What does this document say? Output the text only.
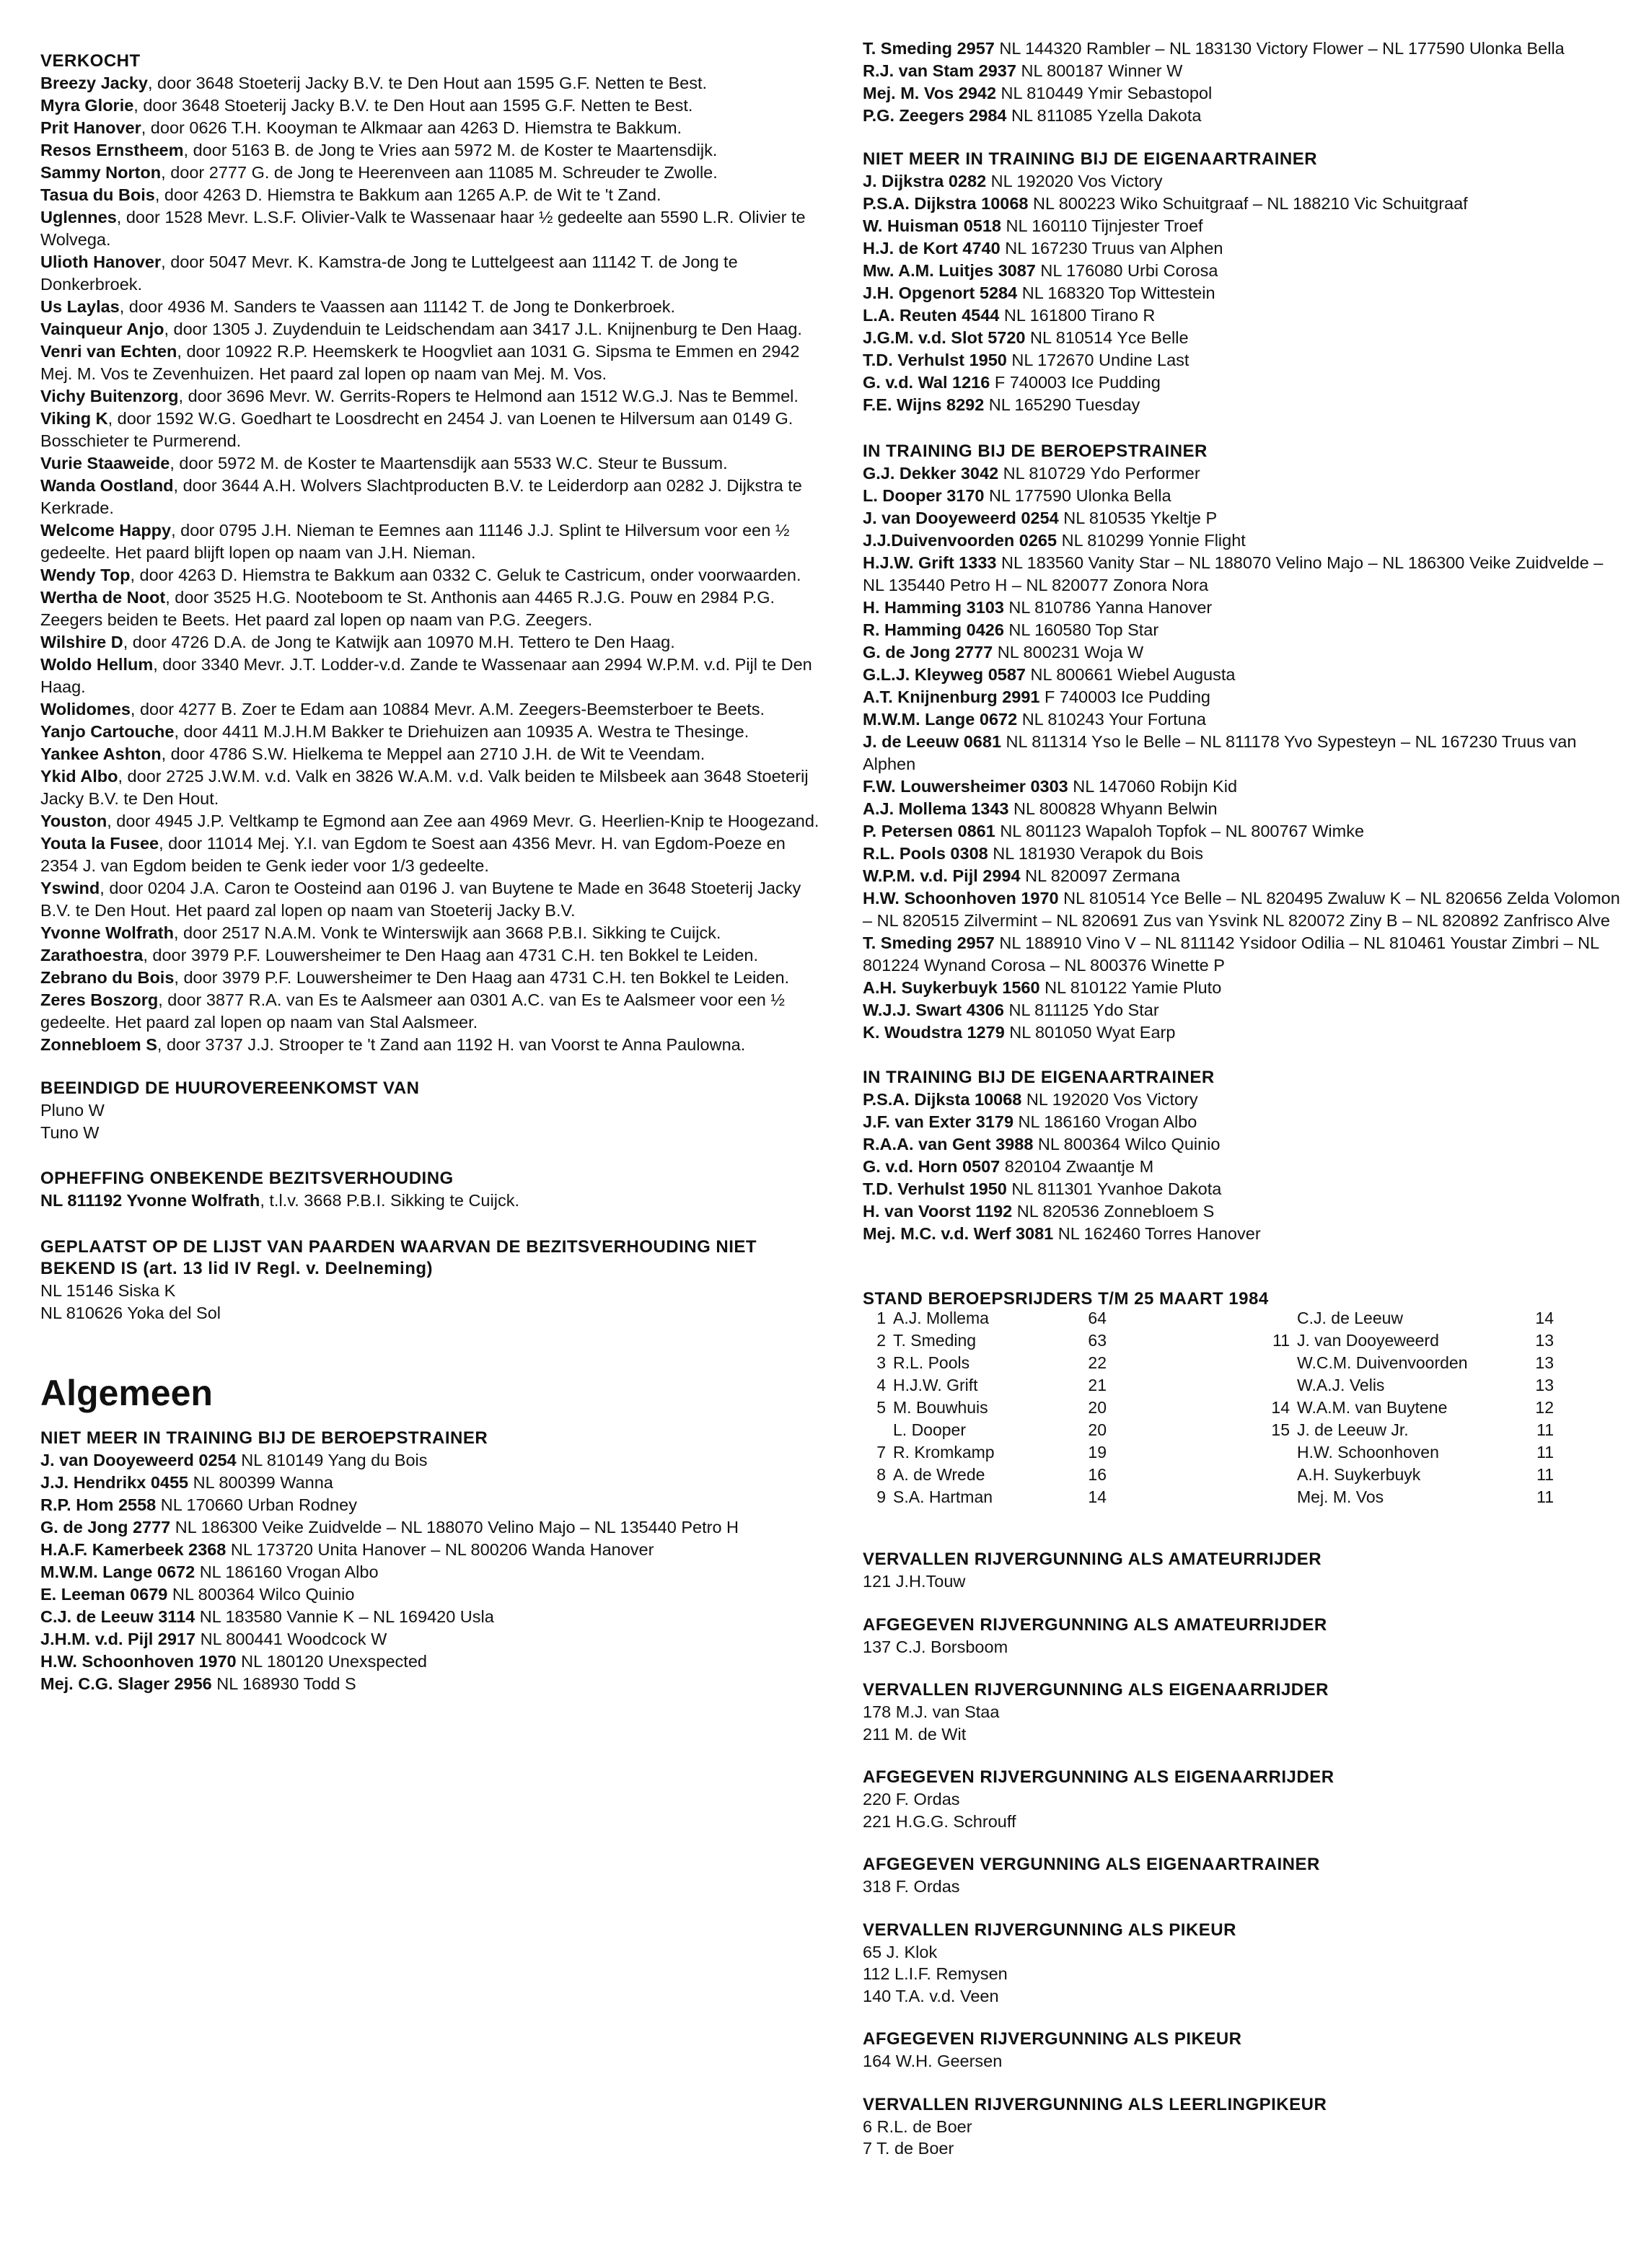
VERKOCHT

Breezy Jacky, door 3648 Stoeterij Jacky B.V. te Den Hout aan 1595 G.F. Netten te Best.

Myra Glorie, door 3648 Stoeterij Jacky B.V. te Den Hout aan 1595 G.F. Netten te Best.

Prit Hanover, door 0626 T.H. Kooyman te Alkmaar aan 4263 D. Hiemstra te Bakkum.

Resos Ernstheem, door 5163 B. de Jong te Vries aan 5972 M. de Koster te Maartensdijk.

Sammy Norton, door 2777 G. de Jong te Heerenveen aan 11085 M. Schreuder te Zwolle.

Tasua du Bois, door 4263 D. Hiemstra te Bakkum aan 1265 A.P. de Wit te 't Zand.

Uglennes, door 1528 Mevr. L.S.F. Olivier-Valk te Wassenaar haar ½ gedeelte aan 5590 L.R. Olivier te Wolvega.

Ulioth Hanover, door 5047 Mevr. K. Kamstra-de Jong te Luttelgeest aan 11142 T. de Jong te Donkerbroek.

Us Laylas, door 4936 M. Sanders te Vaassen aan 11142 T. de Jong te Donkerbroek.

Vainqueur Anjo, door 1305 J. Zuydenduin te Leidschendam aan 3417 J.L. Knijnenburg te Den Haag.

Venri van Echten, door 10922 R.P. Heemskerk te Hoogvliet aan 1031 G. Sipsma te Emmen en 2942 Mej. M. Vos te Zevenhuizen. Het paard zal lopen op naam van Mej. M. Vos.

Vichy Buitenzorg, door 3696 Mevr. W. Gerrits-Ropers te Helmond aan 1512 W.G.J. Nas te Bemmel.

Viking K, door 1592 W.G. Goedhart te Loosdrecht en 2454 J. van Loenen te Hilversum aan 0149 G. Bosschieter te Purmerend.

Vurie Staaweide, door 5972 M. de Koster te Maartensdijk aan 5533 W.C. Steur te Bussum.

Wanda Oostland, door 3644 A.H. Wolvers Slachtproducten B.V. te Leiderdorp aan 0282 J. Dijkstra te Kerkrade.

Welcome Happy, door 0795 J.H. Nieman te Eemnes aan 11146 J.J. Splint te Hilversum voor een ½ gedeelte. Het paard blijft lopen op naam van J.H. Nieman.

Wendy Top, door 4263 D. Hiemstra te Bakkum aan 0332 C. Geluk te Castricum, onder voorwaarden.

Wertha de Noot, door 3525 H.G. Nooteboom te St. Anthonis aan 4465 R.J.G. Pouw en 2984 P.G. Zeegers beiden te Beets. Het paard zal lopen op naam van P.G. Zeegers.

Wilshire D, door 4726 D.A. de Jong te Katwijk aan 10970 M.H. Tettero te Den Haag.

Woldo Hellum, door 3340 Mevr. J.T. Lodder-v.d. Zande te Wassenaar aan 2994 W.P.M. v.d. Pijl te Den Haag.

Wolidomes, door 4277 B. Zoer te Edam aan 10884 Mevr. A.M. Zeegers-Beemsterboer te Beets.

Yanjo Cartouche, door 4411 M.J.H.M Bakker te Driehuizen aan 10935 A. Westra te Thesinge.

Yankee Ashton, door 4786 S.W. Hielkema te Meppel aan 2710 J.H. de Wit te Veendam.

Ykid Albo, door 2725 J.W.M. v.d. Valk en 3826 W.A.M. v.d. Valk beiden te Milsbeek aan 3648 Stoeterij Jacky B.V. te Den Hout.

Youston, door 4945 J.P. Veltkamp te Egmond aan Zee aan 4969 Mevr. G. Heerlien-Knip te Hoogezand.

Youta la Fusee, door 11014 Mej. Y.I. van Egdom te Soest aan 4356 Mevr. H. van Egdom-Poeze en 2354 J. van Egdom beiden te Genk ieder voor 1/3 gedeelte.

Yswind, door 0204 J.A. Caron te Oosteind aan 0196 J. van Buytene te Made en 3648 Stoeterij Jacky B.V. te Den Hout. Het paard zal lopen op naam van Stoeterij Jacky B.V.

Yvonne Wolfrath, door 2517 N.A.M. Vonk te Winterswijk aan 3668 P.B.I. Sikking te Cuijck.

Zarathoestra, door 3979 P.F. Louwersheimer te Den Haag aan 4731 C.H. ten Bokkel te Leiden.

Zebrano du Bois, door 3979 P.F. Louwersheimer te Den Haag aan 4731 C.H. ten Bokkel te Leiden.

Zeres Boszorg, door 3877 R.A. van Es te Aalsmeer aan 0301 A.C. van Es te Aalsmeer voor een ½ gedeelte. Het paard zal lopen op naam van Stal Aalsmeer.

Zonnebloem S, door 3737 J.J. Strooper te 't Zand aan 1192 H. van Voorst te Anna Paulowna.

BEEINDIGD DE HUUROVEREENKOMST VAN

Pluno W

Tuno W

OPHEFFING ONBEKENDE BEZITSVERHOUDING

NL 811192 Yvonne Wolfrath, t.l.v. 3668 P.B.I. Sikking te Cuijck.

GEPLAATST OP DE LIJST VAN PAARDEN WAARVAN DE BEZITSVERHOUDING NIET BEKEND IS (art. 13 lid IV Regl. v. Deelneming)

NL 15146 Siska K

NL 810626 Yoka del Sol

Algemeen

NIET MEER IN TRAINING BIJ DE BEROEPSTRAINER

J. van Dooyeweerd 0254 NL 810149 Yang du Bois

J.J. Hendrikx 0455 NL 800399 Wanna

R.P. Hom 2558 NL 170660 Urban Rodney

G. de Jong 2777 NL 186300 Veike Zuidvelde – NL 188070 Velino Majo – NL 135440 Petro H

H.A.F. Kamerbeek 2368 NL 173720 Unita Hanover – NL 800206 Wanda Hanover

M.W.M. Lange 0672 NL 186160 Vrogan Albo

E. Leeman 0679 NL 800364 Wilco Quinio

C.J. de Leeuw 3114 NL 183580 Vannie K – NL 169420 Usla

J.H.M. v.d. Pijl 2917 NL 800441 Woodcock W

H.W. Schoonhoven 1970 NL 180120 Unexspected

Mej. C.G. Slager 2956 NL 168930 Todd S

T. Smeding 2957 NL 144320 Rambler – NL 183130 Victory Flower – NL 177590 Ulonka Bella

R.J. van Stam 2937 NL 800187 Winner W

Mej. M. Vos 2942 NL 810449 Ymir Sebastopol

P.G. Zeegers 2984 NL 811085 Yzella Dakota

NIET MEER IN TRAINING BIJ DE EIGENAARTRAINER

J. Dijkstra 0282 NL 192020 Vos Victory

P.S.A. Dijkstra 10068 NL 800223 Wiko Schuitgraaf – NL 188210 Vic Schuitgraaf

W. Huisman 0518 NL 160110 Tijnjester Troef

H.J. de Kort 4740 NL 167230 Truus van Alphen

Mw. A.M. Luitjes 3087 NL 176080 Urbi Corosa

J.H. Opgenort 5284 NL 168320 Top Wittestein

L.A. Reuten 4544 NL 161800 Tirano R

J.G.M. v.d. Slot 5720 NL 810514 Yce Belle

T.D. Verhulst 1950 NL 172670 Undine Last

G. v.d. Wal 1216 F 740003 Ice Pudding

F.E. Wijns 8292 NL 165290 Tuesday

IN TRAINING BIJ DE BEROEPSTRAINER

G.J. Dekker 3042 NL 810729 Ydo Performer

L. Dooper 3170 NL 177590 Ulonka Bella

J. van Dooyeweerd 0254 NL 810535 Ykeltje P

J.J.Duivenvoorden 0265 NL 810299 Yonnie Flight

H.J.W. Grift 1333 NL 183560 Vanity Star – NL 188070 Velino Majo – NL 186300 Veike Zuidvelde – NL 135440 Petro H – NL 820077 Zonora Nora

H. Hamming 3103 NL 810786 Yanna Hanover

R. Hamming 0426 NL 160580 Top Star

G. de Jong 2777 NL 800231 Woja W

G.L.J. Kleyweg 0587 NL 800661 Wiebel Augusta

A.T. Knijnenburg 2991 F 740003 Ice Pudding

M.W.M. Lange 0672 NL 810243 Your Fortuna

J. de Leeuw 0681 NL 811314 Yso le Belle – NL 811178 Yvo Sypesteyn – NL 167230 Truus van Alphen

F.W. Louwersheimer 0303 NL 147060 Robijn Kid

A.J. Mollema 1343 NL 800828 Whyann Belwin

P. Petersen 0861 NL 801123 Wapaloh Topfok – NL 800767 Wimke

R.L. Pools 0308 NL 181930 Verapok du Bois

W.P.M. v.d. Pijl 2994 NL 820097 Zermana

H.W. Schoonhoven 1970 NL 810514 Yce Belle – NL 820495 Zwaluw K – NL 820656 Zelda Volomon – NL 820515 Zilvermint – NL 820691 Zus van Ysvink NL 820072 Ziny B – NL 820892 Zanfrisco Alve

T. Smeding 2957 NL 188910 Vino V – NL 811142 Ysidoor Odilia – NL 810461 Youstar Zimbri – NL 801224 Wynand Corosa – NL 800376 Winette P

A.H. Suykerbuyk 1560 NL 810122 Yamie Pluto

W.J.J. Swart 4306 NL 811125 Ydo Star

K. Woudstra 1279 NL 801050 Wyat Earp

IN TRAINING BIJ DE EIGENAARTRAINER

P.S.A. Dijksta 10068 NL 192020 Vos Victory

J.F. van Exter 3179 NL 186160 Vrogan Albo

R.A.A. van Gent 3988 NL 800364 Wilco Quinio

G. v.d. Horn 0507 820104 Zwaantje M

T.D. Verhulst 1950 NL 811301 Yvanhoe Dakota

H. van Voorst 1192 NL 820536 Zonnebloem S

Mej. M.C. v.d. Werf 3081 NL 162460 Torres Hanover

STAND BEROEPSRIJDERS T/M 25 MAART 1984

1 A.J. Mollema	64
2 T. Smeding	63
3 R.L. Pools	22
4 H.J.W. Grift	21
5 M. Bouwhuis	20
L. Dooper	20
7 R. Kromkamp	19
8 A. de Wrede	16
9 S.A. Hartman	14
C.J. de Leeuw	14
11 J. van Dooyeweerd	13
W.C.M. Duivenvoorden	13
W.A.J. Velis	13
14 W.A.M. van Buytene	12
15 J. de Leeuw Jr.	11
H.W. Schoonhoven	11
A.H. Suykerbuyk	11
Mej. M. Vos	11

VERVALLEN RIJVERGUNNING ALS AMATEURRIJDER

121 J.H.Touw

AFGEGEVEN RIJVERGUNNING ALS AMATEURRIJDER

137 C.J. Borsboom

VERVALLEN RIJVERGUNNING ALS EIGENAARRIJDER

178 M.J. van Staa

211 M. de Wit

AFGEGEVEN RIJVERGUNNING ALS EIGENAARRIJDER

220 F. Ordas

221 H.G.G. Schrouff

AFGEGEVEN VERGUNNING ALS EIGENAARTRAINER

318 F. Ordas

VERVALLEN RIJVERGUNNING ALS PIKEUR

65 J. Klok

112 L.I.F. Remysen

140 T.A. v.d. Veen

AFGEGEVEN RIJVERGUNNING ALS PIKEUR

164 W.H. Geersen

VERVALLEN RIJVERGUNNING ALS LEERLINGPIKEUR

6 R.L. de Boer

7 T. de Boer
